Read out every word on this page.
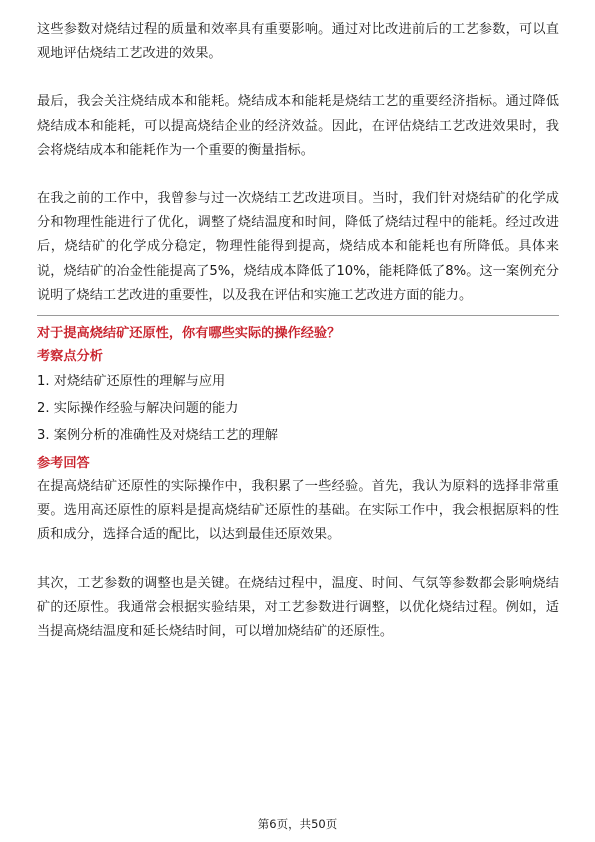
这些参数对烧结过程的质量和效率具有重要影响。通过对比改进前后的工艺参数，可以直观地评估烧结工艺改进的效果。

最后，我会关注烧结成本和能耗。烧结成本和能耗是烧结工艺的重要经济指标。通过降低烧结成本和能耗，可以提高烧结企业的经济效益。因此，在评估烧结工艺改进效果时，我会将烧结成本和能耗作为一个重要的衡量指标。

在我之前的工作中，我曾参与过一次烧结工艺改进项目。当时，我们针对烧结矿的化学成分和物理性能进行了优化，调整了烧结温度和时间，降低了烧结过程中的能耗。经过改进后，烧结矿的化学成分稳定，物理性能得到提高，烧结成本和能耗也有所降低。具体来说，烧结矿的冶金性能提高了5%，烧结成本降低了10%，能耗降低了8%。这一案例充分说明了烧结工艺改进的重要性，以及我在评估和实施工艺改进方面的能力。

对于提高烧结矿还原性，你有哪些实际的操作经验？

考察点分析

1. 对烧结矿还原性的理解与应用

2. 实际操作经验与解决问题的能力

3. 案例分析的准确性及对烧结工艺的理解

参考回答

在提高烧结矿还原性的实际操作中，我积累了一些经验。首先，我认为原料的选择非常重要。选用高还原性的原料是提高烧结矿还原性的基础。在实际工作中，我会根据原料的性质和成分，选择合适的配比，以达到最佳还原效果。

其次，工艺参数的调整也是关键。在烧结过程中，温度、时间、气氛等参数都会影响烧结矿的还原性。我通常会根据实验结果，对工艺参数进行调整，以优化烧结过程。例如，适当提高烧结温度和延长烧结时间，可以增加烧结矿的还原性。

第6页，共50页
